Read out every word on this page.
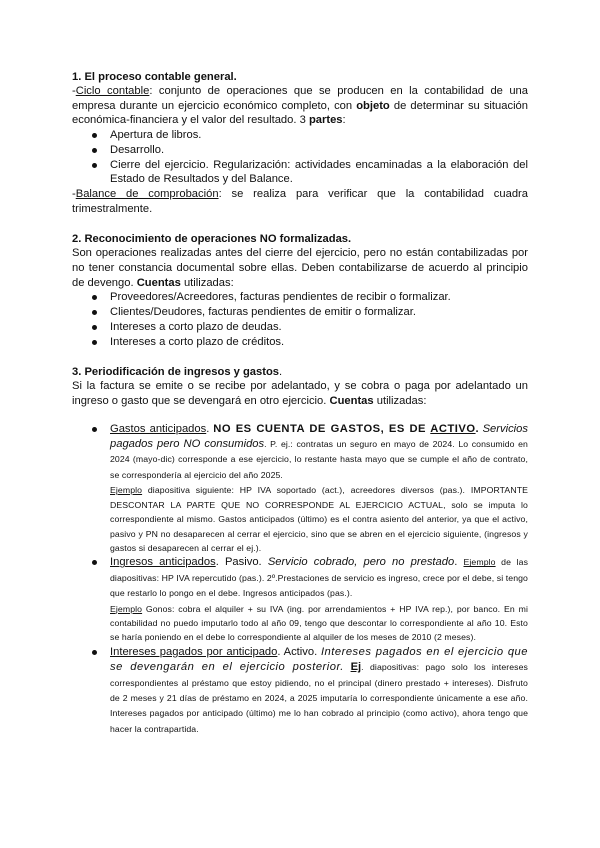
1. El proceso contable general.

-Ciclo contable: conjunto de operaciones que se producen en la contabilidad de una empresa durante un ejercicio económico completo, con objeto de determinar su situación económica-financiera y el valor del resultado. 3 partes:

Apertura de libros.
Desarrollo.
Cierre del ejercicio. Regularización: actividades encaminadas a la elaboración del Estado de Resultados y del Balance.

-Balance de comprobación: se realiza para verificar que la contabilidad cuadra trimestralmente.

2. Reconocimiento de operaciones NO formalizadas.

Son operaciones realizadas antes del cierre del ejercicio, pero no están contabilizadas por no tener constancia documental sobre ellas. Deben contabilizarse de acuerdo al principio de devengo. Cuentas utilizadas:

Proveedores/Acreedores, facturas pendientes de recibir o formalizar.
Clientes/Deudores, facturas pendientes de emitir o formalizar.
Intereses a corto plazo de deudas.
Intereses a corto plazo de créditos.

3. Periodificación de ingresos y gastos.

Si la factura se emite o se recibe por adelantado, y se cobra o paga por adelantado un ingreso o gasto que se devengará en otro ejercicio. Cuentas utilizadas:

Gastos anticipados. NO ES CUENTA DE GASTOS, ES DE ACTIVO. Servicios pagados pero NO consumidos. P. ej.: contratas un seguro en mayo de 2024. Lo consumido en 2024 (mayo-dic) corresponde a ese ejercicio, lo restante hasta mayo que se cumple el año de contrato, se correspondería al ejercicio del año 2025.
Ejemplo diapositiva siguiente: HP IVA soportado (act.), acreedores diversos (pas.). IMPORTANTE DESCONTAR LA PARTE QUE NO CORRESPONDE AL EJERCICIO ACTUAL, solo se imputa lo correspondiente al mismo. Gastos anticipados (último) es el contra asiento del anterior, ya que el activo, pasivo y PN no desaparecen al cerrar el ejercicio, sino que se abren en el ejercicio siguiente, (ingresos y gastos si desaparecen al cerrar el ej.).
Ingresos anticipados. Pasivo. Servicio cobrado, pero no prestado. Ejemplo de las diapositivas: HP IVA repercutido (pas.). 2º.Prestaciones de servicio es ingreso, crece por el debe, si tengo que restarlo lo pongo en el debe. Ingresos anticipados (pas.).
Ejemplo Gonos: cobra el alquiler + su IVA (ing. por arrendamientos + HP IVA rep.), por banco. En mi contabilidad no puedo imputarlo todo al año 09, tengo que descontar lo correspondiente al año 10. Esto se haría poniendo en el debe lo correspondiente al alquiler de los meses de 2010 (2 meses).
Intereses pagados por anticipado. Activo. Intereses pagados en el ejercicio que se devengarán en el ejercicio posterior. Ej. diapositivas: pago solo los intereses correspondientes al préstamo que estoy pidiendo, no el principal (dinero prestado + intereses). Disfruto de 2 meses y 21 días de préstamo en 2024, a 2025 imputaría lo correspondiente únicamente a ese año. Intereses pagados por anticipado (último) me lo han cobrado al principio (como activo), ahora tengo que hacer la contrapartida.
